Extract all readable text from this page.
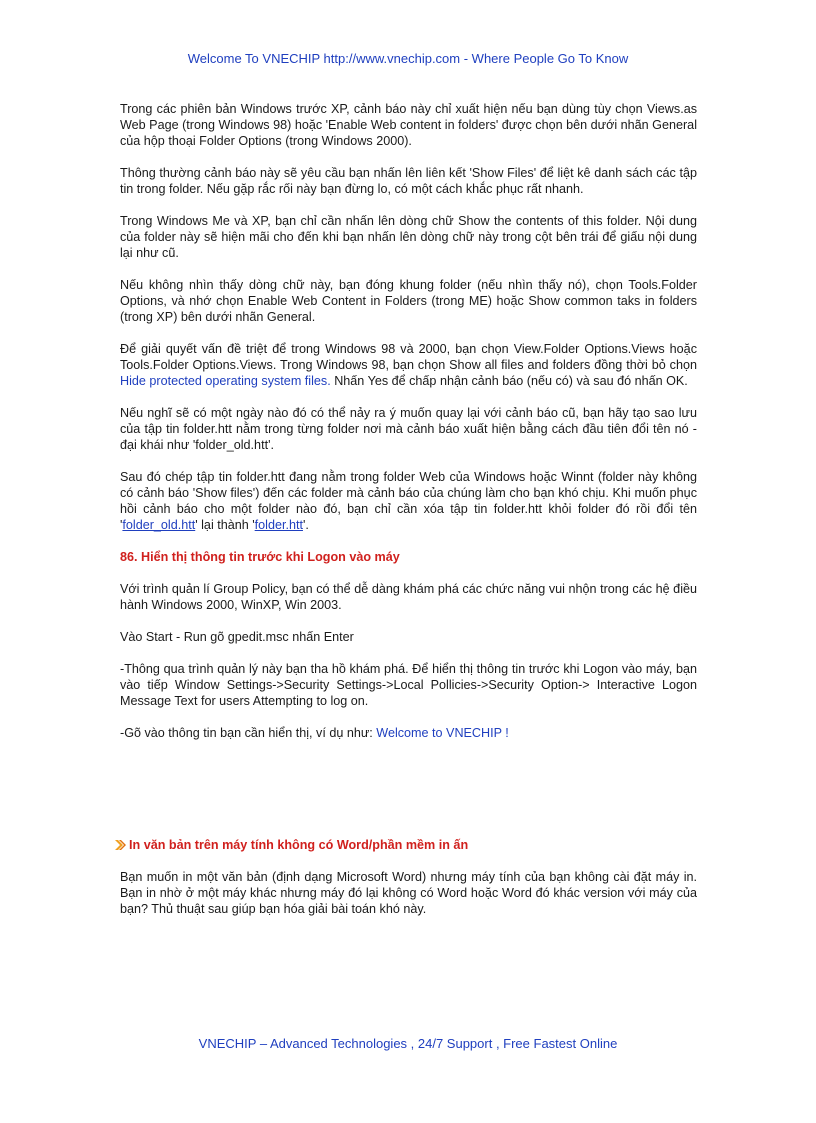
Welcome To VNECHIP http://www.vnechip.com - Where People Go To Know

Trong các phiên bản Windows trước XP, cảnh báo này chỉ xuất hiện nếu bạn dùng tùy chọn Views.as Web Page (trong Windows 98) hoặc 'Enable Web content in folders' được chọn bên dưới nhãn General của hộp thoại Folder Options (trong Windows 2000).

Thông thường cảnh báo này sẽ yêu cầu bạn nhấn lên liên kết 'Show Files' để liệt kê danh sách các tập tin trong folder. Nếu gặp rắc rối này bạn đừng lo, có một cách khắc phục rất nhanh.

Trong Windows Me và XP, bạn chỉ cần nhấn lên dòng chữ Show the contents of this folder. Nội dung của folder này sẽ hiện mãi cho đến khi bạn nhấn lên dòng chữ này trong cột bên trái để giấu nội dung lại như cũ.

Nếu không nhìn thấy dòng chữ này, bạn đóng khung folder (nếu nhìn thấy nó), chọn Tools.Folder Options, và nhớ chọn Enable Web Content in Folders (trong ME) hoặc Show common taks in folders (trong XP) bên dưới nhãn General.

Để giải quyết vấn đề triệt để trong Windows 98 và 2000, bạn chọn View.Folder Options.Views hoặc Tools.Folder Options.Views. Trong Windows 98, bạn chọn Show all files and folders đồng thời bỏ chọn Hide protected operating system files. Nhấn Yes để chấp nhận cảnh báo (nếu có) và sau đó nhấn OK.

Nếu nghĩ sẽ có một ngày nào đó có thể nảy ra ý muốn quay lại với cảnh báo cũ, bạn hãy tạo sao lưu của tập tin folder.htt nằm trong từng folder nơi mà cảnh báo xuất hiện bằng cách đầu tiên đổi tên nó - đại khái như 'folder_old.htt'.

Sau đó chép tập tin folder.htt đang nằm trong folder Web của Windows hoặc Winnt (folder này không có cảnh báo 'Show files') đến các folder mà cảnh báo của chúng làm cho bạn khó chịu. Khi muốn phục hồi cảnh báo cho một folder nào đó, bạn chỉ cần xóa tập tin folder.htt khỏi folder đó rồi đổi tên 'folder_old.htt' lại thành 'folder.htt'.

86. Hiển thị thông tin trước khi Logon vào máy

Với trình quản lí Group Policy, bạn có thể dễ dàng khám phá các chức năng vui nhộn trong các hệ điều hành Windows 2000, WinXP, Win 2003.

Vào Start - Run gõ gpedit.msc nhấn Enter

-Thông qua trình quản lý này bạn tha hồ khám phá. Để hiển thị thông tin trước khi Logon vào máy, bạn vào tiếp Window Settings->Security Settings->Local Pollicies->Security Option-> Interactive Logon Message Text for users Attempting to log on.

-Gõ vào thông tin bạn cần hiển thị, ví dụ như: Welcome to VNECHIP !

In văn bản trên máy tính không có Word/phần mềm in ấn

Bạn muốn in một văn bản (định dạng Microsoft Word) nhưng máy tính của bạn không cài đặt máy in. Bạn in nhờ ở một máy khác nhưng máy đó lại không có Word hoặc Word đó khác version với máy của bạn? Thủ thuật sau giúp bạn hóa giải bài toán khó này.

VNECHIP – Advanced Technologies , 24/7 Support , Free Fastest Online
